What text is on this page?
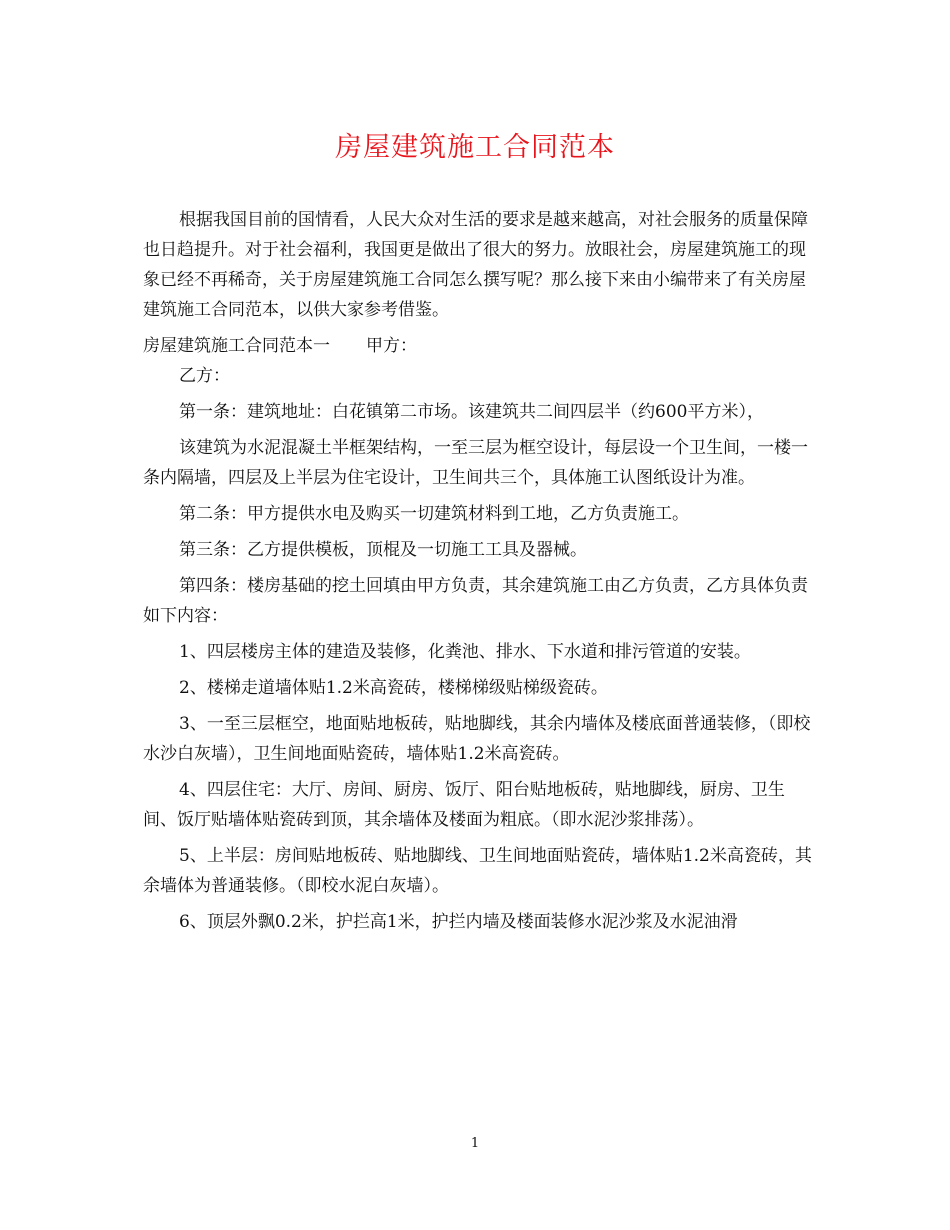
房屋建筑施工合同范本

根据我国目前的国情看，人民大众对生活的要求是越来越高，对社会服务的质量保障也日趋提升。对于社会福利，我国更是做出了很大的努力。放眼社会，房屋建筑施工的现象已经不再稀奇，关于房屋建筑施工合同怎么撰写呢？那么接下来由小编带来了有关房屋建筑施工合同范本，以供大家参考借鉴。

房屋建筑施工合同范本一 甲方：

乙方：

第一条：建筑地址：白花镇第二市场。该建筑共二间四层半（约600平方米），

该建筑为水泥混凝土半框架结构，一至三层为框空设计，每层设一个卫生间，一楼一条内隔墙，四层及上半层为住宅设计，卫生间共三个，具体施工认图纸设计为准。

第二条：甲方提供水电及购买一切建筑材料到工地，乙方负责施工。

第三条：乙方提供模板，顶棍及一切施工工具及器械。

第四条：楼房基础的挖土回填由甲方负责，其余建筑施工由乙方负责，乙方具体负责如下内容：

1、四层楼房主体的建造及装修，化粪池、排水、下水道和排污管道的安装。

2、楼梯走道墙体贴1.2米高瓷砖，楼梯梯级贴梯级瓷砖。

3、一至三层框空，地面贴地板砖，贴地脚线，其余内墙体及楼底面普通装修，（即校水沙白灰墙），卫生间地面贴瓷砖，墙体贴1.2米高瓷砖。

4、四层住宅：大厅、房间、厨房、饭厅、阳台贴地板砖，贴地脚线，厨房、卫生间、饭厅贴墙体贴瓷砖到顶，其余墙体及楼面为粗底。（即水泥沙浆排荡）。

5、上半层：房间贴地板砖、贴地脚线、卫生间地面贴瓷砖，墙体贴1.2米高瓷砖，其余墙体为普通装修。（即校水泥白灰墙）。

6、顶层外飘0.2米，护拦高1米，护拦内墙及楼面装修水泥沙浆及水泥油滑

1
